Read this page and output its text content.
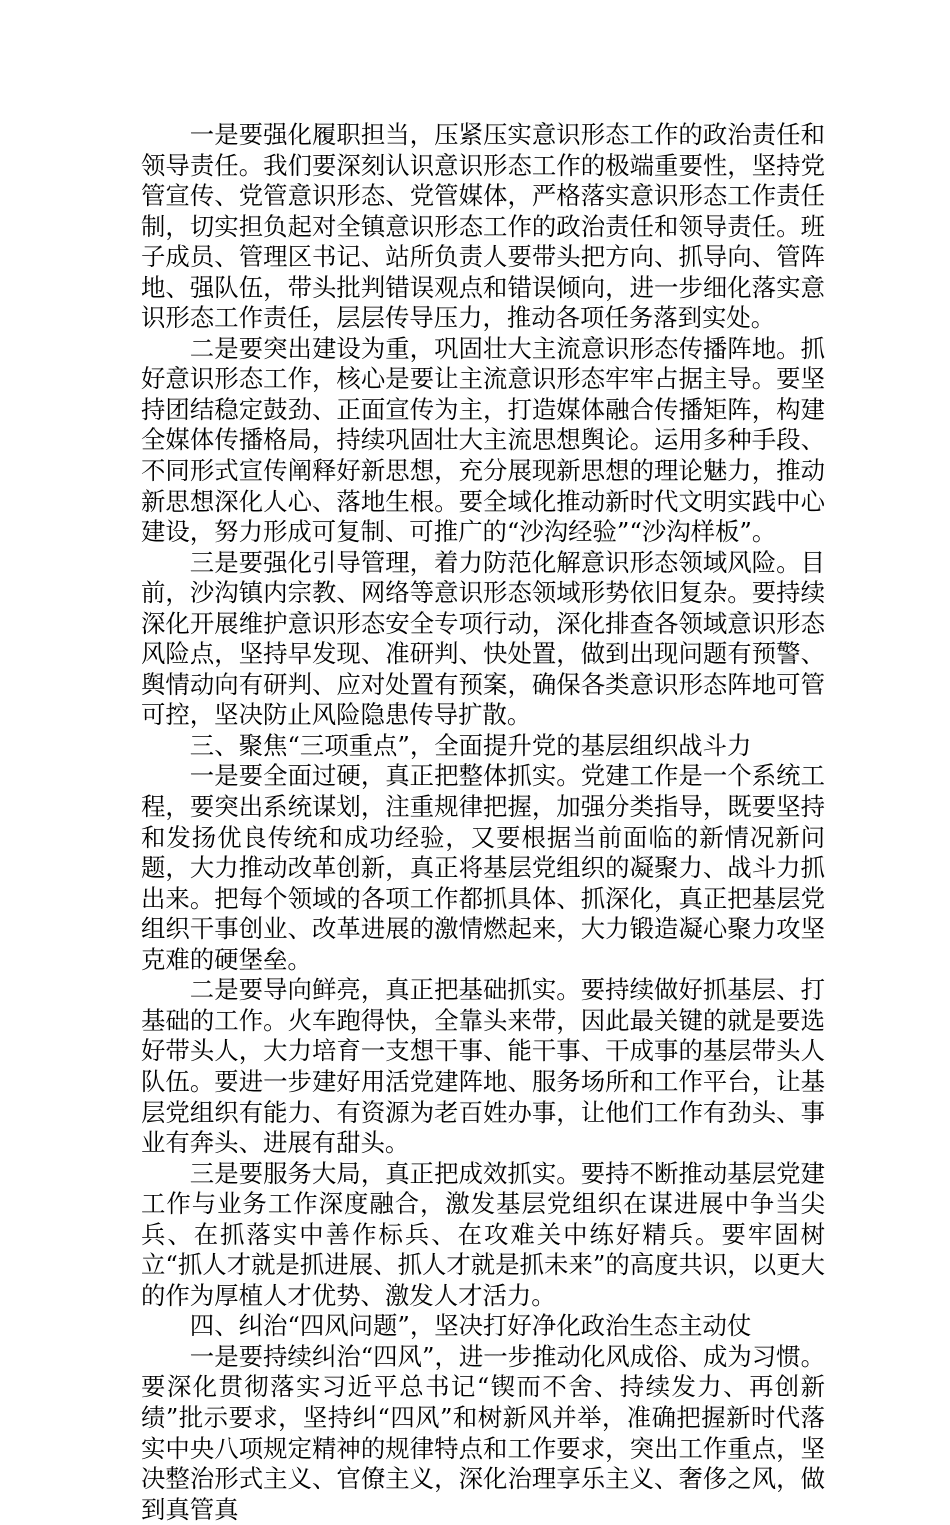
一是要强化履职担当，压紧压实意识形态工作的政治责任和领导责任。我们要深刻认识意识形态工作的极端重要性，坚持党管宣传、党管意识形态、党管媒体，严格落实意识形态工作责任制，切实担负起对全镇意识形态工作的政治责任和领导责任。班子成员、管理区书记、站所负责人要带头把方向、抓导向、管阵地、强队伍，带头批判错误观点和错误倾向，进一步细化落实意识形态工作责任，层层传导压力，推动各项任务落到实处。

二是要突出建设为重，巩固壮大主流意识形态传播阵地。抓好意识形态工作，核心是要让主流意识形态牢牢占据主导。要坚持团结稳定鼓劲、正面宣传为主，打造媒体融合传播矩阵，构建全媒体传播格局，持续巩固壮大主流思想舆论。运用多种手段、不同形式宣传阐释好新思想，充分展现新思想的理论魅力，推动新思想深化人心、落地生根。要全域化推动新时代文明实践中心建设，努力形成可复制、可推广的“沙沟经验”“沙沟样板”。

三是要强化引导管理，着力防范化解意识形态领域风险。目前，沙沟镇内宗教、网络等意识形态领域形势依旧复杂。要持续深化开展维护意识形态安全专项行动，深化排查各领域意识形态风险点，坚持早发现、准研判、快处置，做到出现问题有预警、舆情动向有研判、应对处置有预案，确保各类意识形态阵地可管可控，坚决防止风险隐患传导扩散。

三、聚焦“三项重点”，全面提升党的基层组织战斗力

一是要全面过硬，真正把整体抓实。党建工作是一个系统工程，要突出系统谋划，注重规律把握，加强分类指导，既要坚持和发扬优良传统和成功经验，又要根据当前面临的新情况新问题，大力推动改革创新，真正将基层党组织的凝聚力、战斗力抓出来。把每个领域的各项工作都抓具体、抓深化，真正把基层党组织干事创业、改革进展的激情燃起来，大力锻造凝心聚力攻坚克难的硬堡垒。

二是要导向鲜亮，真正把基础抓实。要持续做好抓基层、打基础的工作。火车跑得快，全靠头来带，因此最关键的就是要选好带头人，大力培育一支想干事、能干事、干成事的基层带头人队伍。要进一步建好用活党建阵地、服务场所和工作平台，让基层党组织有能力、有资源为老百姓办事，让他们工作有劲头、事业有奔头、进展有甜头。

三是要服务大局，真正把成效抓实。要持不断推动基层党建工作与业务工作深度融合，激发基层党组织在谋进展中争当尖兵、在抓落实中善作标兵、在攻难关中练好精兵。要牢固树立“抓人才就是抓进展、抓人才就是抓未来”的高度共识，以更大的作为厚植人才优势、激发人才活力。

四、纠治“四风问题”，坚决打好净化政治生态主动仗

一是要持续纠治“四风”，进一步推动化风成俗、成为习惯。要深化贯彻落实习近平总书记“锲而不舍、持续发力、再创新绩”批示要求，坚持纠“四风”和树新风并举，准确把握新时代落实中央八项规定精神的规律特点和工作要求，突出工作重点，坚决整治形式主义、官僚主义，深化治理享乐主义、奢侈之风，做到真管真
